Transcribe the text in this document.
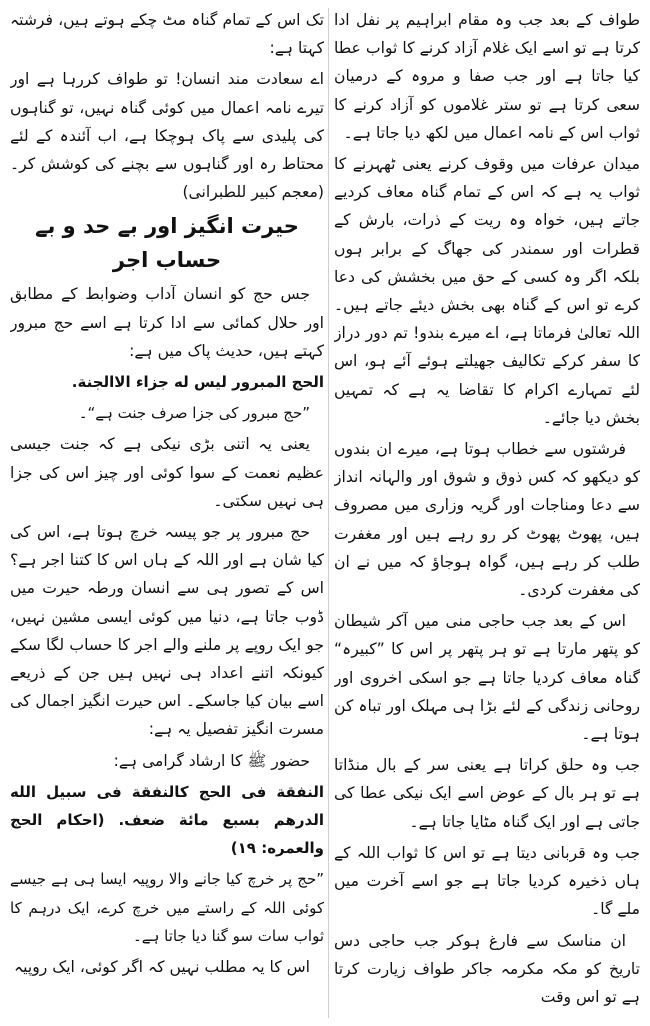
طواف کے بعد جب وہ مقام ابراہیم پر نفل ادا کرتا ہے تو اسے ایک غلام آزاد کرنے کا ثواب عطا کیا جاتا ہے اور جب صفا و مروہ کے درمیان سعی کرتا ہے تو ستر غلاموں کو آزاد کرنے کا ثواب اس کے نامہ اعمال میں لکھ دیا جاتا ہے۔

میدان عرفات میں وقوف کرنے یعنی ٹھہرنے کا ثواب یہ ہے کہ اس کے تمام گناہ معاف کردیے جاتے ہیں، خواہ وہ ریت کے ذرات، بارش کے قطرات اور سمندر کی جھاگ کے برابر ہوں بلکہ اگر وہ کسی کے حق میں بخشش کی دعا کرے تو اس کے گناہ بھی بخش دیئے جاتے ہیں۔ اللہ تعالیٰ فرماتا ہے، اے میرے بندو! تم دور دراز کا سفر کرکے تکالیف جھیلتے ہوئے آئے ہو، اس لئے تمہارے اکرام کا تقاضا یہ ہے کہ تمہیں بخش دیا جائے۔

فرشتوں سے خطاب ہوتا ہے، میرے ان بندوں کو دیکھو کہ کس ذوق و شوق اور والہانہ انداز سے دعا ومناجات اور گریہ وزاری میں مصروف ہیں، پھوٹ پھوٹ کر رو رہے ہیں اور مغفرت طلب کر رہے ہیں، گواہ ہوجاؤ کہ میں نے ان کی مغفرت کردی۔

اس کے بعد جب حاجی منی میں آکر شیطان کو پتھر مارتا ہے تو ہر پتھر پر اس کا ”کبیرہ“ گناہ معاف کردیا جاتا ہے جو اسکی اخروی اور روحانی زندگی کے لئے بڑا ہی مہلک اور تباہ کن ہوتا ہے۔

جب وہ حلق کراتا ہے یعنی سر کے بال منڈاتا ہے تو ہر بال کے عوض اسے ایک نیکی عطا کی جاتی ہے اور ایک گناہ مٹایا جاتا ہے۔

جب وہ قربانی دیتا ہے تو اس کا ثواب اللہ کے ہاں ذخیرہ کردیا جاتا ہے جو اسے آخرت میں ملے گا۔

ان مناسک سے فارغ ہوکر جب حاجی دس تاریخ کو مکہ مکرمہ جاکر طواف زیارت کرتا ہے تو اس وقت

تک اس کے تمام گناہ مٹ چکے ہوتے ہیں، فرشتہ کہتا ہے:

اے سعادت مند انسان! تو طواف کررہا ہے اور تیرے نامہ اعمال میں کوئی گناہ نہیں، تو گناہوں کی پلیدی سے پاک ہوچکا ہے، اب آئندہ کے لئے محتاط رہ اور گناہوں سے بچنے کی کوشش کر۔ (معجم کبیر للطبرانی)

حیرت انگیز اور بے حد و بے حساب اجر

جس حج کو انسان آداب وضوابط کے مطابق اور حلال کمائی سے ادا کرتا ہے اسے حج مبرور کہتے ہیں، حدیث پاک میں ہے:

الحج المبرور ليس له جزاء الاالجنة.

”حج مبرور کی جزا صرف جنت ہے“۔

یعنی یہ اتنی بڑی نیکی ہے کہ جنت جیسی عظیم نعمت کے سوا کوئی اور چیز اس کی جزا ہی نہیں سکتی۔

حج مبرور پر جو پیسہ خرچ ہوتا ہے، اس کی کیا شان ہے اور اللہ کے ہاں اس کا کتنا اجر ہے؟ اس کے تصور ہی سے انسان ورطہ حیرت میں ڈوب جاتا ہے، دنیا میں کوئی ایسی مشین نہیں، جو ایک روپے پر ملنے والے اجر کا حساب لگا سکے کیونکہ اتنے اعداد ہی نہیں ہیں جن کے ذریعے اسے بیان کیا جاسکے۔ اس حیرت انگیز اجمال کی مسرت انگیز تفصیل یہ ہے:

حضور ﷺ کا ارشاد گرامی ہے:

النفقة فى الحج كالنفقة فى سبيل الله الدرهم بسبع مائة ضعف. (احكام الحج والعمره: ١٩)

”حج پر خرچ کیا جانے والا روپیہ ایسا ہی ہے جیسے کوئی اللہ کے راستے میں خرچ کرے، ایک درہم کا ثواب سات سو گنا دیا جاتا ہے۔

اس کا یہ مطلب نہیں کہ اگر کوئی، ایک روپیہ
